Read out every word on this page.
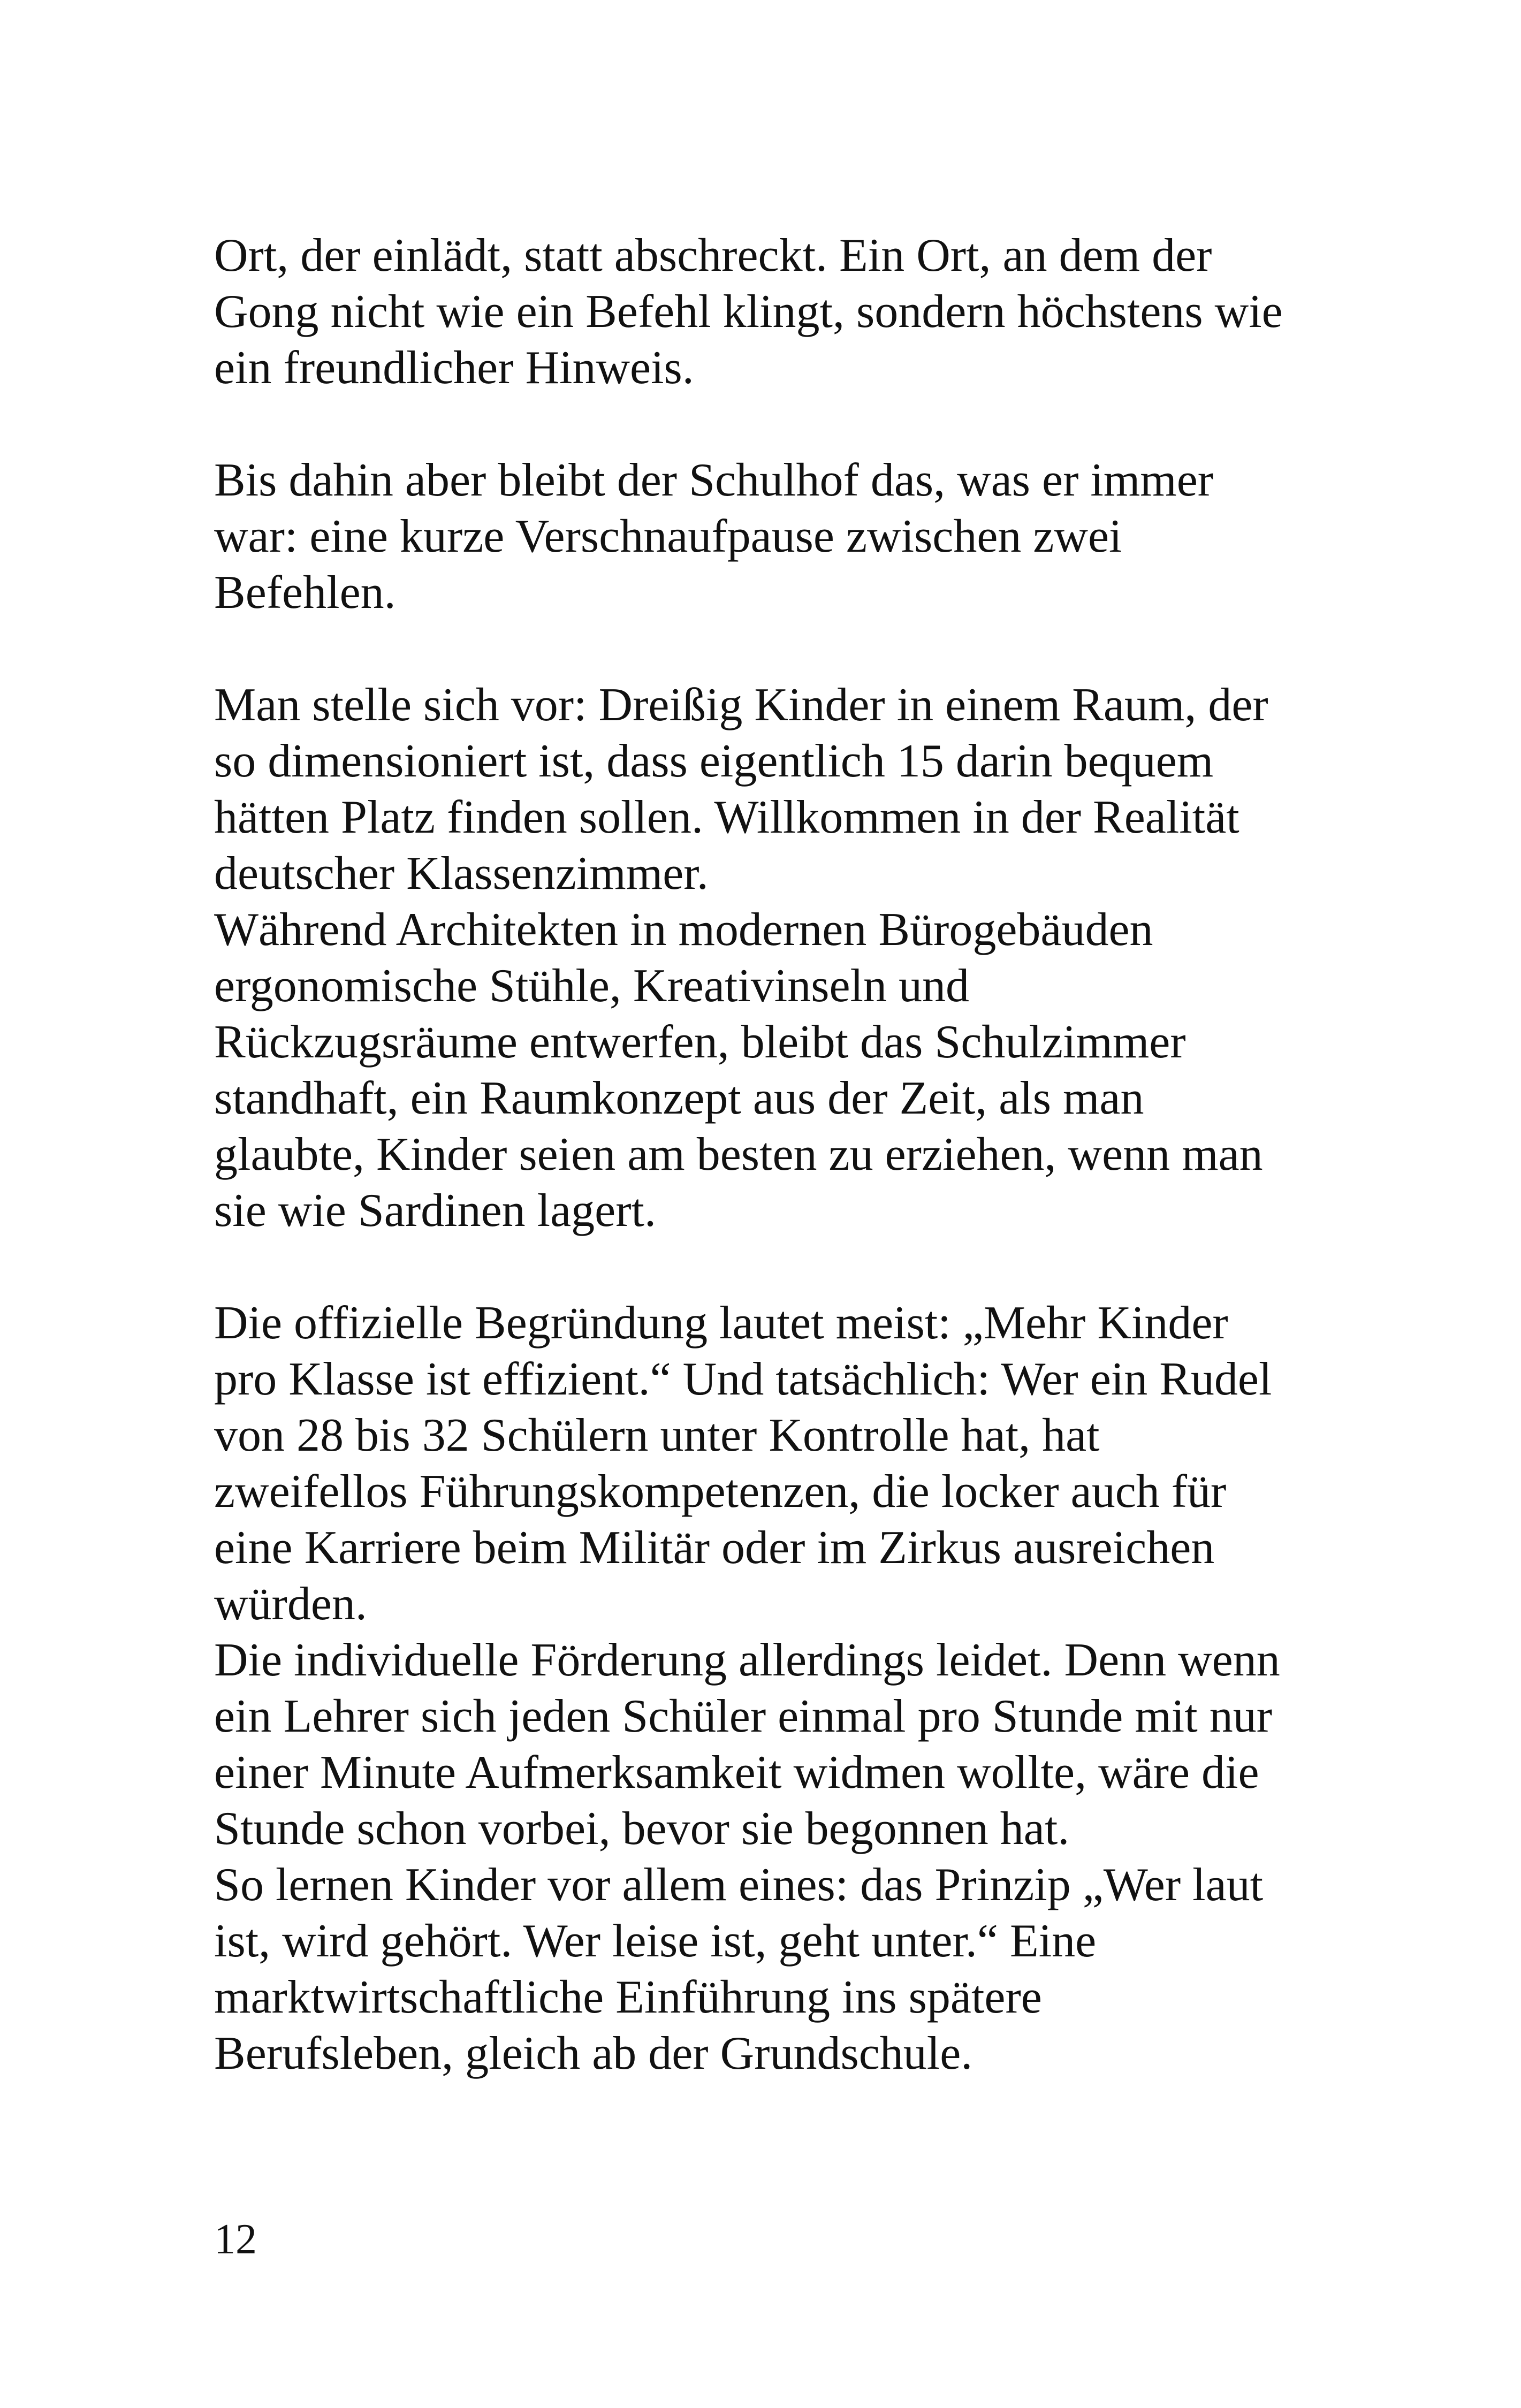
Ort, der einlädt, statt abschreckt. Ein Ort, an dem der
Gong nicht wie ein Befehl klingt, sondern höchstens wie
ein freundlicher Hinweis.
Bis dahin aber bleibt der Schulhof das, was er immer
war: eine kurze Verschnaufpause zwischen zwei
Befehlen.
Man stelle sich vor: Dreißig Kinder in einem Raum, der
so dimensioniert ist, dass eigentlich 15 darin bequem
hätten Platz finden sollen. Willkommen in der Realität
deutscher Klassenzimmer.
Während Architekten in modernen Bürogebäuden
ergonomische Stühle, Kreativinseln und
Rückzugsräume entwerfen, bleibt das Schulzimmer
standhaft, ein Raumkonzept aus der Zeit, als man
glaubte, Kinder seien am besten zu erziehen, wenn man
sie wie Sardinen lagert.
Die offizielle Begründung lautet meist: „Mehr Kinder
pro Klasse ist effizient.“ Und tatsächlich: Wer ein Rudel
von 28 bis 32 Schülern unter Kontrolle hat, hat
zweifellos Führungskompetenzen, die locker auch für
eine Karriere beim Militär oder im Zirkus ausreichen
würden.
Die individuelle Förderung allerdings leidet. Denn wenn
ein Lehrer sich jeden Schüler einmal pro Stunde mit nur
einer Minute Aufmerksamkeit widmen wollte, wäre die
Stunde schon vorbei, bevor sie begonnen hat.
So lernen Kinder vor allem eines: das Prinzip „Wer laut
ist, wird gehört. Wer leise ist, geht unter.“ Eine
marktwirtschaftliche Einführung ins spätere
Berufsleben, gleich ab der Grundschule.
12
